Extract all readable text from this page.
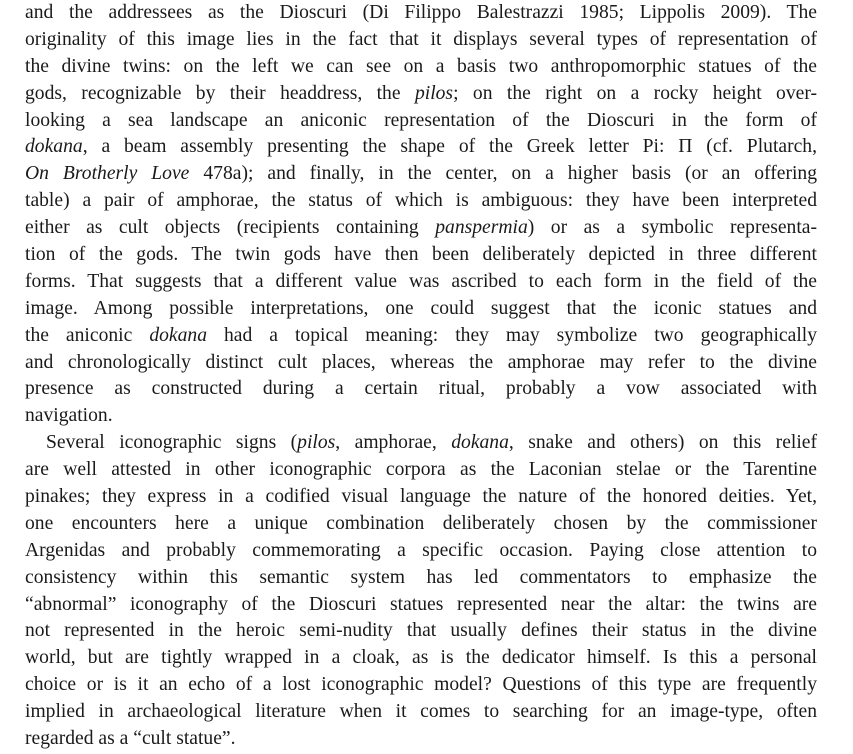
and the addressees as the Dioscuri (Di Filippo Balestrazzi 1985; Lippolis 2009). The
originality of this image lies in the fact that it displays several types of representation of
the divine twins: on the left we can see on a basis two anthropomorphic statues of the
gods, recognizable by their headdress, the pilos; on the right on a rocky height over-
looking a sea landscape an aniconic representation of the Dioscuri in the form of
dokana, a beam assembly presenting the shape of the Greek letter Pi: Π (cf. Plutarch,
On Brotherly Love 478a); and finally, in the center, on a higher basis (or an offering
table) a pair of amphorae, the status of which is ambiguous: they have been interpreted
either as cult objects (recipients containing panspermia) or as a symbolic representa-
tion of the gods. The twin gods have then been deliberately depicted in three different
forms. That suggests that a different value was ascribed to each form in the field of the
image. Among possible interpretations, one could suggest that the iconic statues and
the aniconic dokana had a topical meaning: they may symbolize two geographically
and chronologically distinct cult places, whereas the amphorae may refer to the divine
presence as constructed during a certain ritual, probably a vow associated with
navigation.
Several iconographic signs (pilos, amphorae, dokana, snake and others) on this relief
are well attested in other iconographic corpora as the Laconian stelae or the Tarentine
pinakes; they express in a codified visual language the nature of the honored deities. Yet,
one encounters here a unique combination deliberately chosen by the commissioner
Argenidas and probably commemorating a specific occasion. Paying close attention to
consistency within this semantic system has led commentators to emphasize the
“abnormal” iconography of the Dioscuri statues represented near the altar: the twins are
not represented in the heroic semi-nudity that usually defines their status in the divine
world, but are tightly wrapped in a cloak, as is the dedicator himself. Is this a personal
choice or is it an echo of a lost iconographic model? Questions of this type are frequently
implied in archaeological literature when it comes to searching for an image-type, often
regarded as a “cult statue”.
